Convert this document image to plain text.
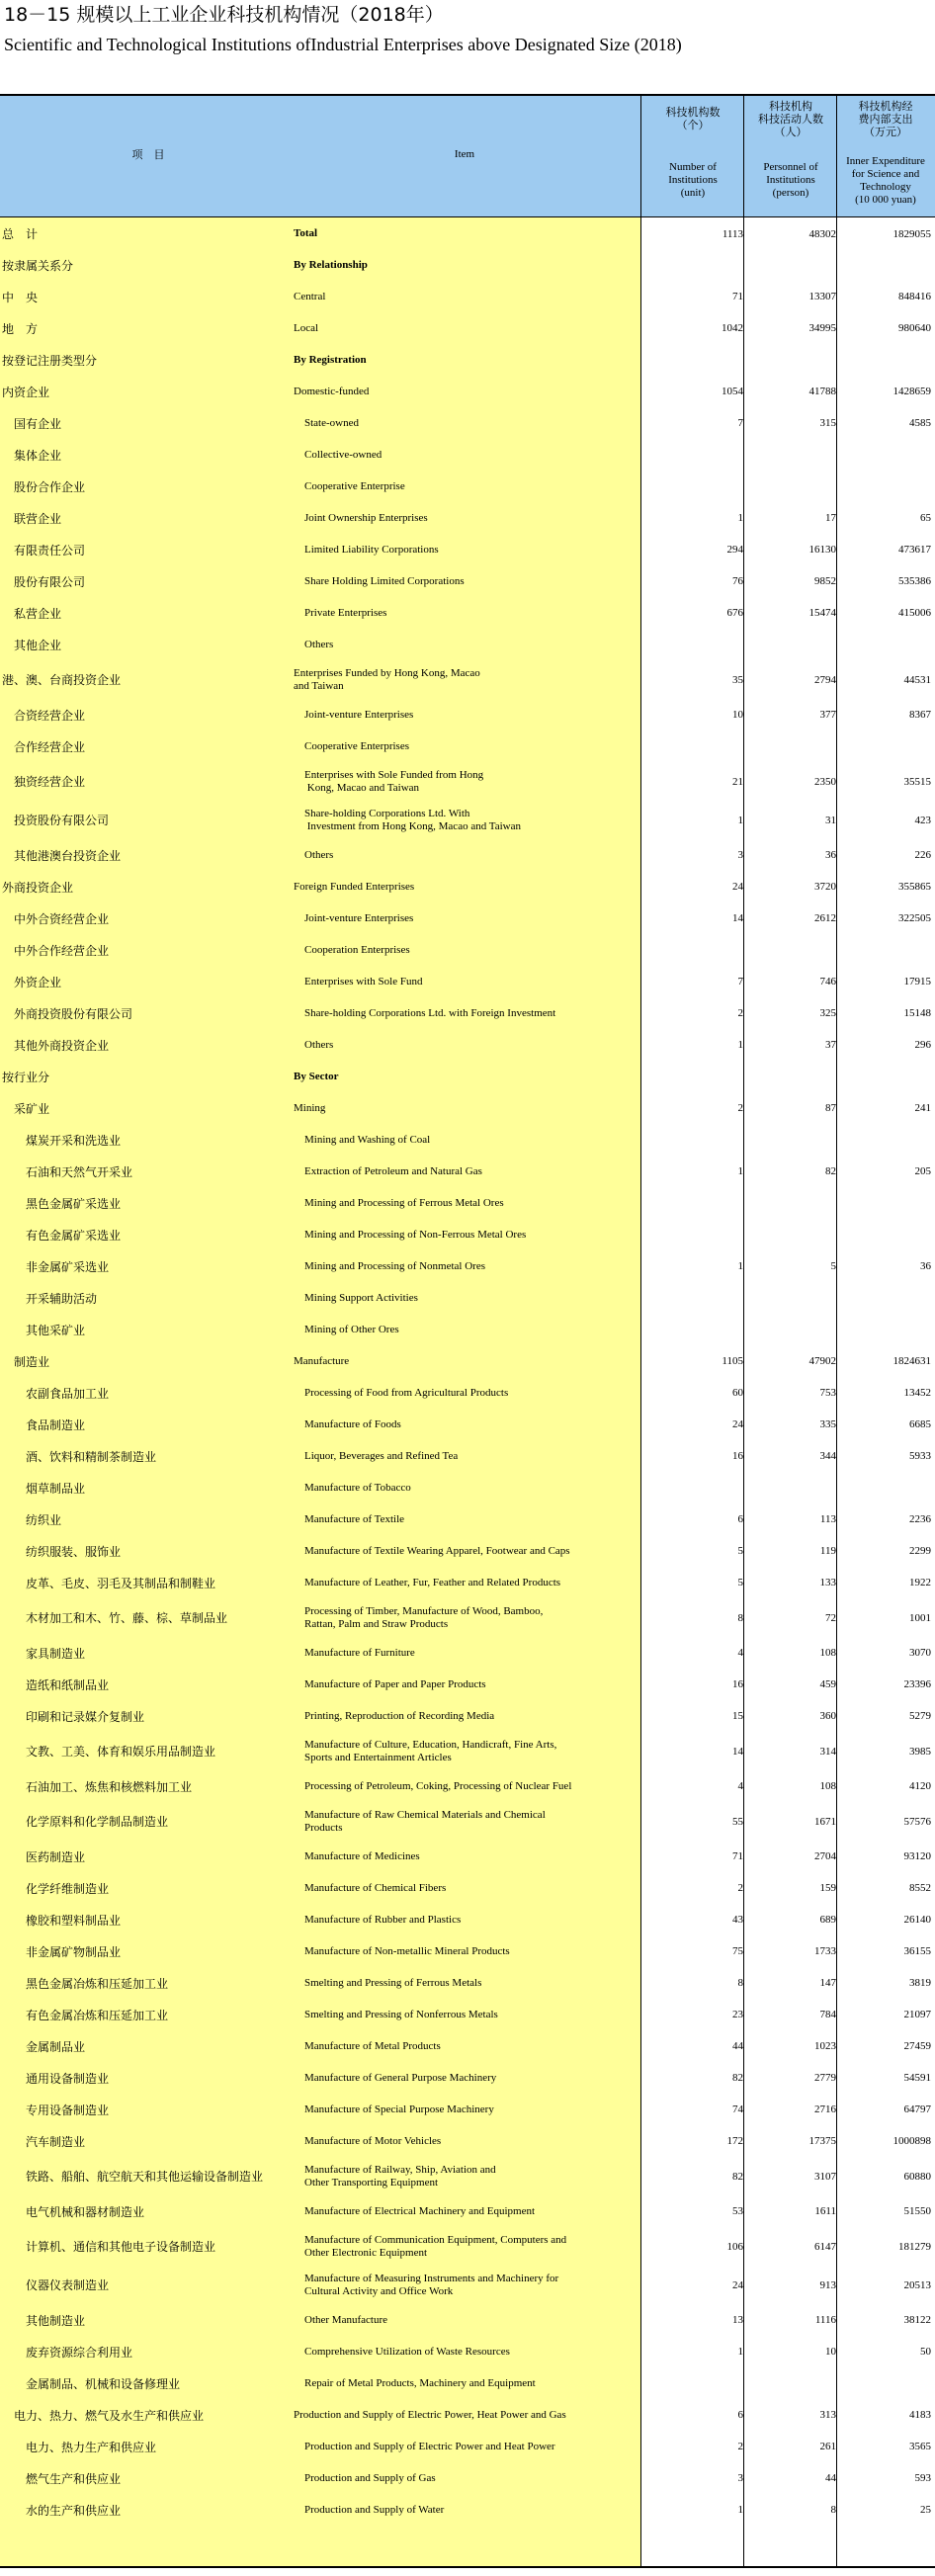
18－15 规模以上工业企业科技机构情况（2018年）
Scientific and Technological Institutions ofIndustrial Enterprises above Designated Size (2018)
项　目	Item
科技机构数
（个）
Number of
Institutions
(unit)
科技机构
科技活动人数
（人）
Personnel of
Institutions
(person)
科技机构经
费内部支出
（万元）
Inner Expenditure
for Science and
Technology
(10 000 yuan)
总　计	Total	1113	48302	1829055
按隶属关系分	By Relationship
中　央	Central	71	13307	848416
地　方	Local	1042	34995	980640
按登记注册类型分	By Registration
内资企业	Domestic-funded	1054	41788	1428659
　国有企业	　State-owned	7	315	4585
　集体企业	　Collective-owned
　股份合作企业	　Cooperative Enterprise
　联营企业	　Joint Ownership Enterprises	1	17	65
　有限责任公司	　Limited Liability Corporations	294	16130	473617
　股份有限公司	　Share Holding Limited Corporations	76	9852	535386
　私营企业	　Private Enterprises	676	15474	415006
　其他企业	　Others
港、澳、台商投资企业
Enterprises Funded by Hong Kong, Macao
and Taiwan	35	2794	44531
　合资经营企业	　Joint-venture Enterprises	10	377	8367
　合作经营企业	　Cooperative Enterprises
　独资经营企业
　Enterprises with Sole Funded from Hong
　 Kong, Macao and Taiwan	21	2350	35515
　投资股份有限公司
　Share-holding Corporations Ltd. With
　 Investment from Hong Kong, Macao and Taiwan	1	31	423
　其他港澳台投资企业	　Others	3	36	226
外商投资企业	Foreign Funded Enterprises	24	3720	355865
　中外合资经营企业	　Joint-venture Enterprises	14	2612	322505
　中外合作经营企业	　Cooperation Enterprises
　外资企业	　Enterprises with Sole Fund	7	746	17915
　外商投资股份有限公司	　Share-holding Corporations Ltd. with Foreign Investment	2	325	15148
　其他外商投资企业	　Others	1	37	296
按行业分	By Sector
　采矿业	Mining	2	87	241
　　煤炭开采和洗选业	　Mining and Washing of Coal
　　石油和天然气开采业	　Extraction of Petroleum and Natural Gas	1	82	205
　　黑色金属矿采选业	　Mining and Processing of Ferrous Metal Ores
　　有色金属矿采选业	　Mining and Processing of Non-Ferrous Metal Ores
　　非金属矿采选业	　Mining and Processing of Nonmetal Ores	1	5	36
　　开采辅助活动	　Mining Support Activities
　　其他采矿业	　Mining of Other Ores
　制造业	Manufacture	1105	47902	1824631
　　农副食品加工业	　Processing of Food from Agricultural Products	60	753	13452
　　食品制造业	　Manufacture of Foods	24	335	6685
　　酒、饮料和精制茶制造业	　Liquor, Beverages and Refined Tea	16	344	5933
　　烟草制品业	　Manufacture of Tobacco
　　纺织业	　Manufacture of Textile	6	113	2236
　　纺织服装、服饰业	　Manufacture of Textile Wearing Apparel, Footwear and Caps	5	119	2299
　　皮革、毛皮、羽毛及其制品和制鞋业	　Manufacture of Leather, Fur, Feather and Related Products	5	133	1922
　　木材加工和木、竹、藤、棕、草制品业
　Processing of Timber, Manufacture of Wood, Bamboo,
　Rattan, Palm and Straw Products	8	72	1001
　　家具制造业	　Manufacture of Furniture	4	108	3070
　　造纸和纸制品业	　Manufacture of Paper and Paper Products	16	459	23396
　　印刷和记录媒介复制业	　Printing, Reproduction of Recording Media	15	360	5279
　　文教、工美、体育和娱乐用品制造业
　Manufacture of Culture, Education, Handicraft, Fine Arts,
　Sports and Entertainment Articles	14	314	3985
　　石油加工、炼焦和核燃料加工业	　Processing of Petroleum, Coking, Processing of Nuclear Fuel	4	108	4120
　　化学原料和化学制品制造业
　Manufacture of Raw Chemical Materials and Chemical
　Products	55	1671	57576
　　医药制造业	　Manufacture of Medicines	71	2704	93120
　　化学纤维制造业	　Manufacture of Chemical Fibers	2	159	8552
　　橡胶和塑料制品业	　Manufacture of Rubber and Plastics	43	689	26140
　　非金属矿物制品业	　Manufacture of Non-metallic Mineral Products	75	1733	36155
　　黑色金属冶炼和压延加工业	　Smelting and Pressing of Ferrous Metals	8	147	3819
　　有色金属冶炼和压延加工业	　Smelting and Pressing of Nonferrous Metals	23	784	21097
　　金属制品业	　Manufacture of Metal Products	44	1023	27459
　　通用设备制造业	　Manufacture of General Purpose Machinery	82	2779	54591
　　专用设备制造业	　Manufacture of Special Purpose Machinery	74	2716	64797
　　汽车制造业	　Manufacture of Motor Vehicles	172	17375	1000898
　　铁路、船舶、航空航天和其他运输设备制造业
　Manufacture of Railway, Ship, Aviation and
　Other Transporting Equipment	82	3107	60880
　　电气机械和器材制造业	　Manufacture of Electrical Machinery and Equipment	53	1611	51550
　　计算机、通信和其他电子设备制造业
　Manufacture of Communication Equipment, Computers and
　Other Electronic Equipment	106	6147	181279
　　仪器仪表制造业
　Manufacture of Measuring Instruments and Machinery for
　Cultural Activity and Office Work	24	913	20513
　　其他制造业	　Other Manufacture	13	1116	38122
　　废弃资源综合利用业	　Comprehensive Utilization of Waste Resources	1	10	50
　　金属制品、机械和设备修理业	　Repair of Metal Products, Machinery and Equipment
　电力、热力、燃气及水生产和供应业	Production and Supply of Electric Power, Heat Power and Gas	6	313	4183
　　电力、热力生产和供应业	　Production and Supply of Electric Power and Heat Power	2	261	3565
　　燃气生产和供应业	　Production and Supply of Gas	3	44	593
　　水的生产和供应业	　Production and Supply of Water	1	8	25
